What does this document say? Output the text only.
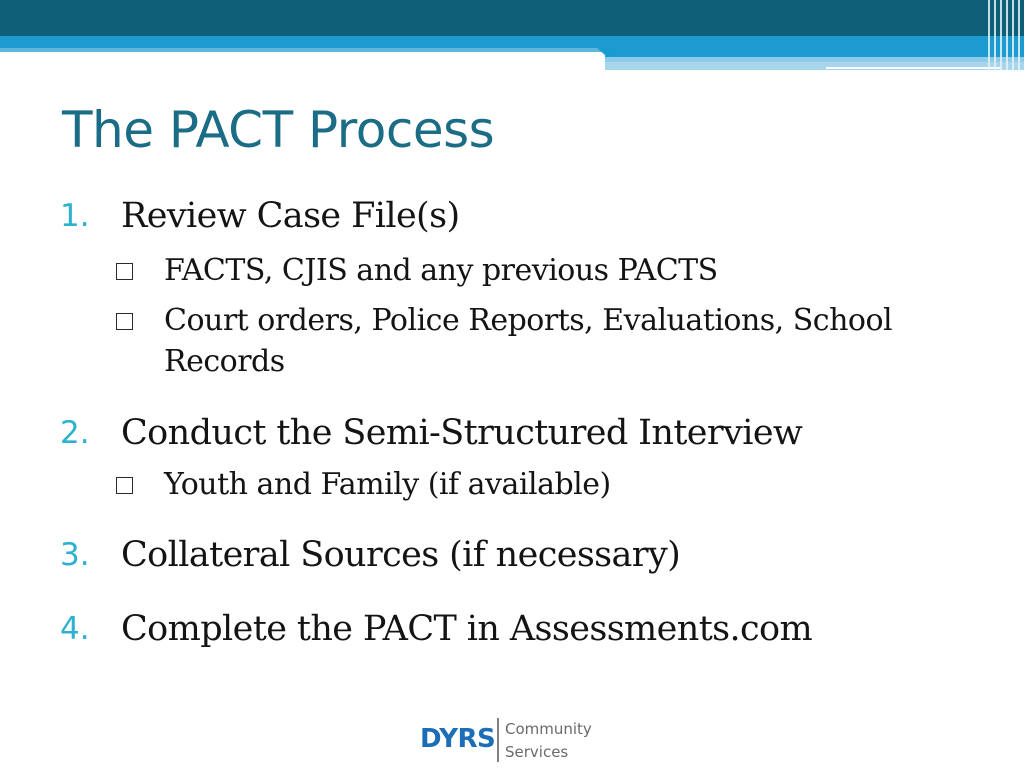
The PACT Process
1. Review Case File(s)
FACTS, CJIS and any previous PACTS
Court orders, Police Reports, Evaluations, School Records
2. Conduct the Semi-Structured Interview
Youth and Family (if available)
3. Collateral Sources (if necessary)
4. Complete the PACT in Assessments.com
DYRS Community
Services
